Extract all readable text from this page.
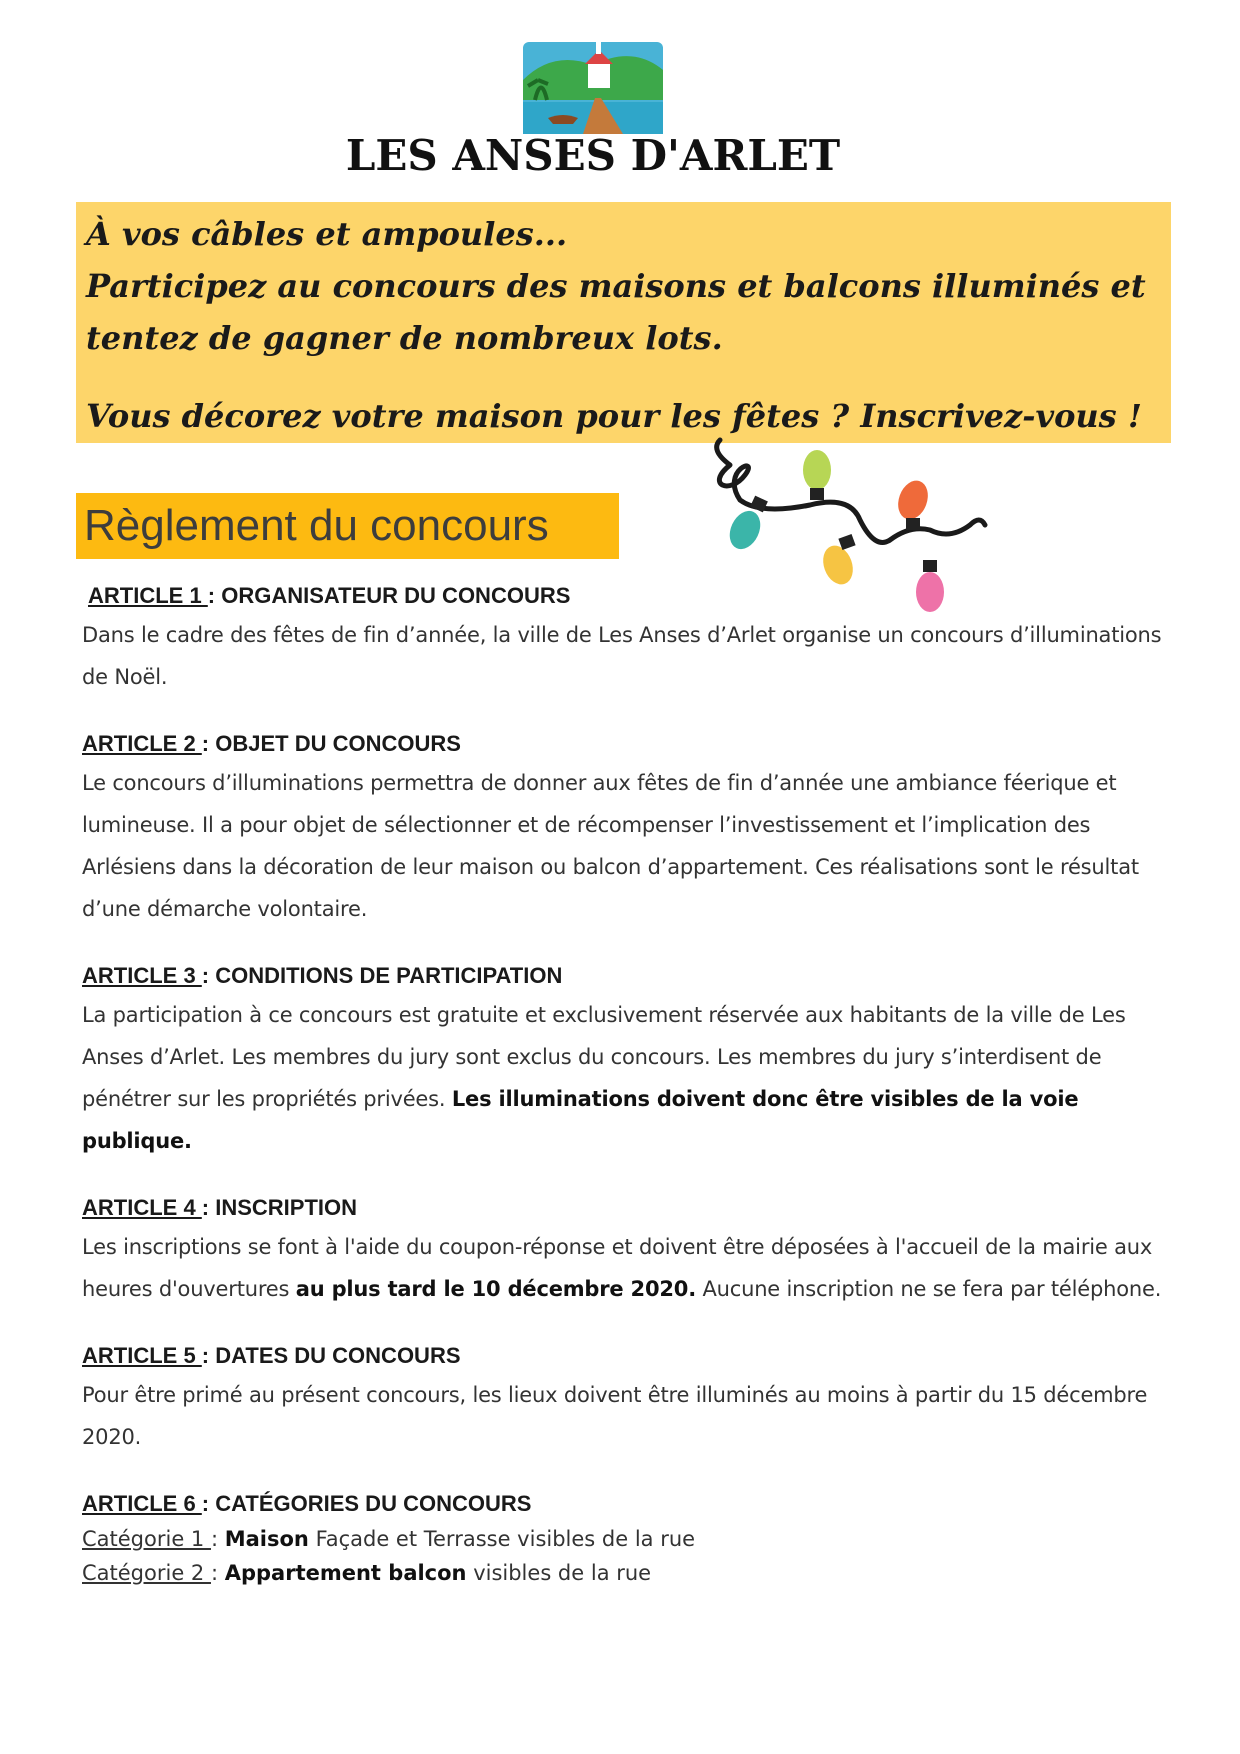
LES ANSES D'ARLET

À vos câbles et ampoules...

Participez au concours des maisons et balcons illuminés et tentez de gagner de nombreux lots.

Vous décorez votre maison pour les fêtes ? Inscrivez-vous !

Règlement du concours

ARTICLE 1 : ORGANISATEUR DU CONCOURS

Dans le cadre des fêtes de fin d’année, la ville de Les Anses d’Arlet organise un concours d’illuminations de Noël.

ARTICLE 2 : OBJET DU CONCOURS

Le concours d’illuminations permettra de donner aux fêtes de fin d’année une ambiance féerique et lumineuse. Il a pour objet de sélectionner et de récompenser l’investissement et l’implication des Arlésiens dans la décoration de leur maison ou balcon d’appartement. Ces réalisations sont le résultat d’une démarche volontaire.

ARTICLE 3 : CONDITIONS DE PARTICIPATION

La participation à ce concours est gratuite et exclusivement réservée aux habitants de la ville de Les Anses d’Arlet. Les membres du jury sont exclus du concours. Les membres du jury s’interdisent de pénétrer sur les propriétés privées. Les illuminations doivent donc être visibles de la voie publique.

ARTICLE 4 : INSCRIPTION

Les inscriptions se font à l'aide du coupon-réponse et doivent être déposées à l'accueil de la mairie aux heures d'ouvertures au plus tard le 10 décembre 2020. Aucune inscription ne se fera par téléphone.

ARTICLE 5 : DATES DU CONCOURS

Pour être primé au présent concours, les lieux doivent être illuminés au moins à partir du 15 décembre 2020.

ARTICLE 6 : CATÉGORIES DU CONCOURS

Catégorie 1 : Maison Façade et Terrasse visibles de la rue

Catégorie 2 : Appartement balcon visibles de la rue
